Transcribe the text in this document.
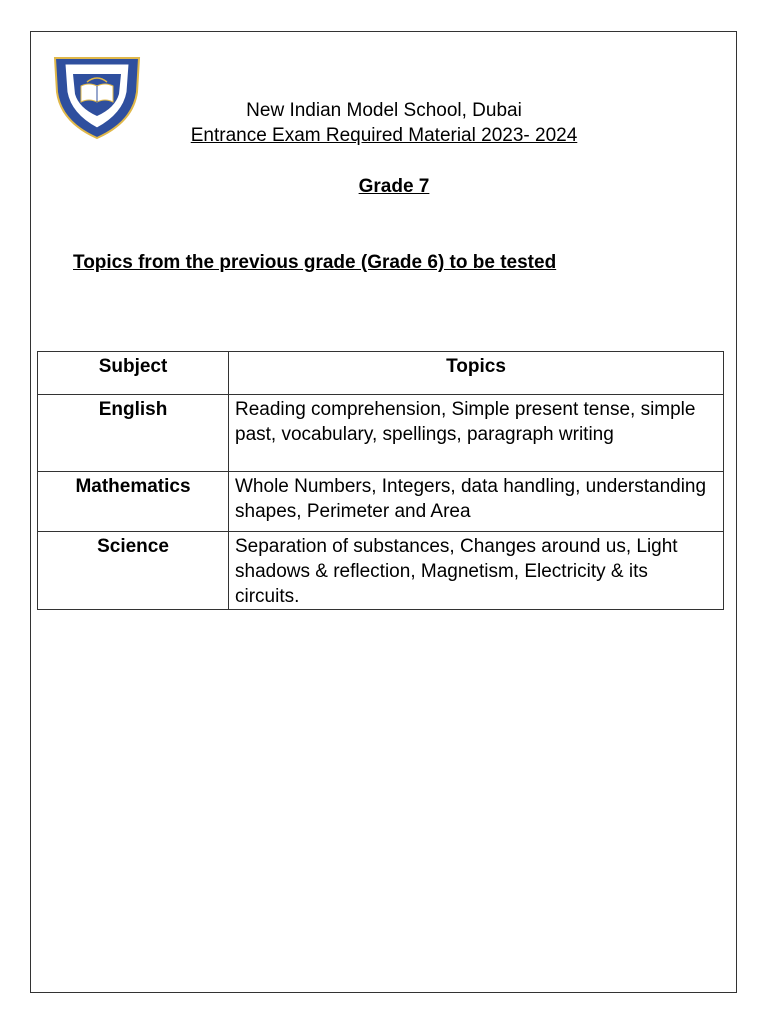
New Indian Model School, Dubai
Entrance Exam Required Material 2023- 2024
Grade 7
Topics from the previous grade (Grade 6) to be tested
Subject	Topics
English	Reading comprehension, Simple present tense, simple past, vocabulary, spellings, paragraph writing
Mathematics	Whole Numbers, Integers, data handling, understanding shapes, Perimeter and Area
Science	Separation of substances, Changes around us, Light shadows & reflection, Magnetism, Electricity & its circuits.
